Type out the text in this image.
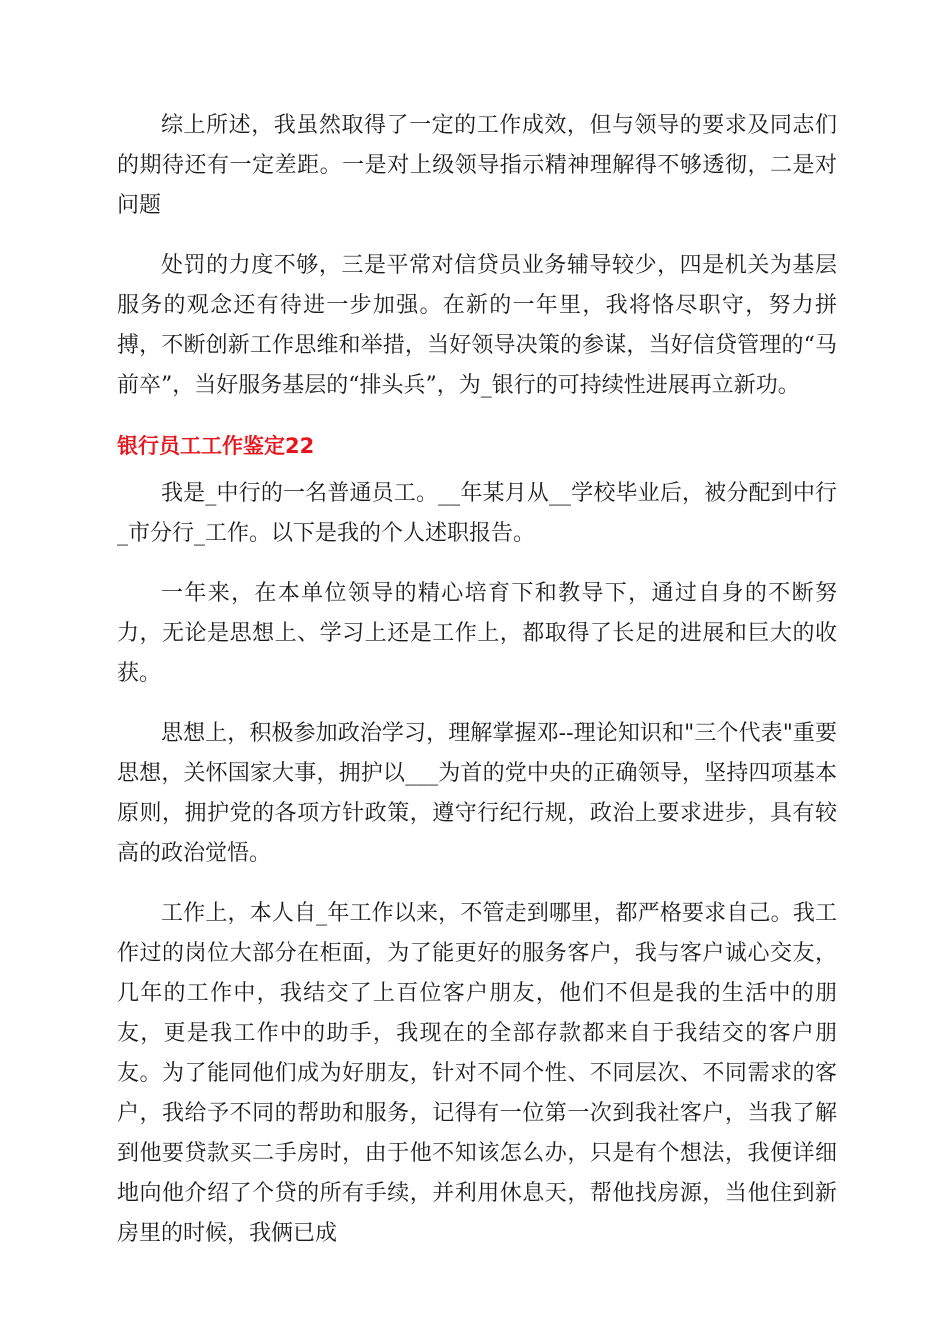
综上所述，我虽然取得了一定的工作成效，但与领导的要求及同志们的期待还有一定差距。一是对上级领导指示精神理解得不够透彻，二是对问题

处罚的力度不够，三是平常对信贷员业务辅导较少，四是机关为基层服务的观念还有待进一步加强。在新的一年里，我将恪尽职守，努力拼搏，不断创新工作思维和举措，当好领导决策的参谋，当好信贷管理的“马前卒”，当好服务基层的“排头兵”，为_银行的可持续性进展再立新功。

银行员工工作鉴定22

我是_中行的一名普通员工。__年某月从__学校毕业后，被分配到中行_市分行_工作。以下是我的个人述职报告。

一年来，在本单位领导的精心培育下和教导下，通过自身的不断努力，无论是思想上、学习上还是工作上，都取得了长足的进展和巨大的收获。

思想上，积极参加政治学习，理解掌握邓--理论知识和"三个代表"重要思想，关怀国家大事，拥护以___为首的党中央的正确领导，坚持四项基本原则，拥护党的各项方针政策，遵守行纪行规，政治上要求进步，具有较高的政治觉悟。

工作上，本人自_年工作以来，不管走到哪里，都严格要求自己。我工作过的岗位大部分在柜面，为了能更好的服务客户，我与客户诚心交友，几年的工作中，我结交了上百位客户朋友，他们不但是我的生活中的朋友，更是我工作中的助手，我现在的全部存款都来自于我结交的客户朋友。为了能同他们成为好朋友，针对不同个性、不同层次、不同需求的客户，我给予不同的帮助和服务，记得有一位第一次到我社客户，当我了解到他要贷款买二手房时，由于他不知该怎么办，只是有个想法，我便详细地向他介绍了个贷的所有手续，并利用休息天，帮他找房源，当他住到新房里的时候，我俩已成
